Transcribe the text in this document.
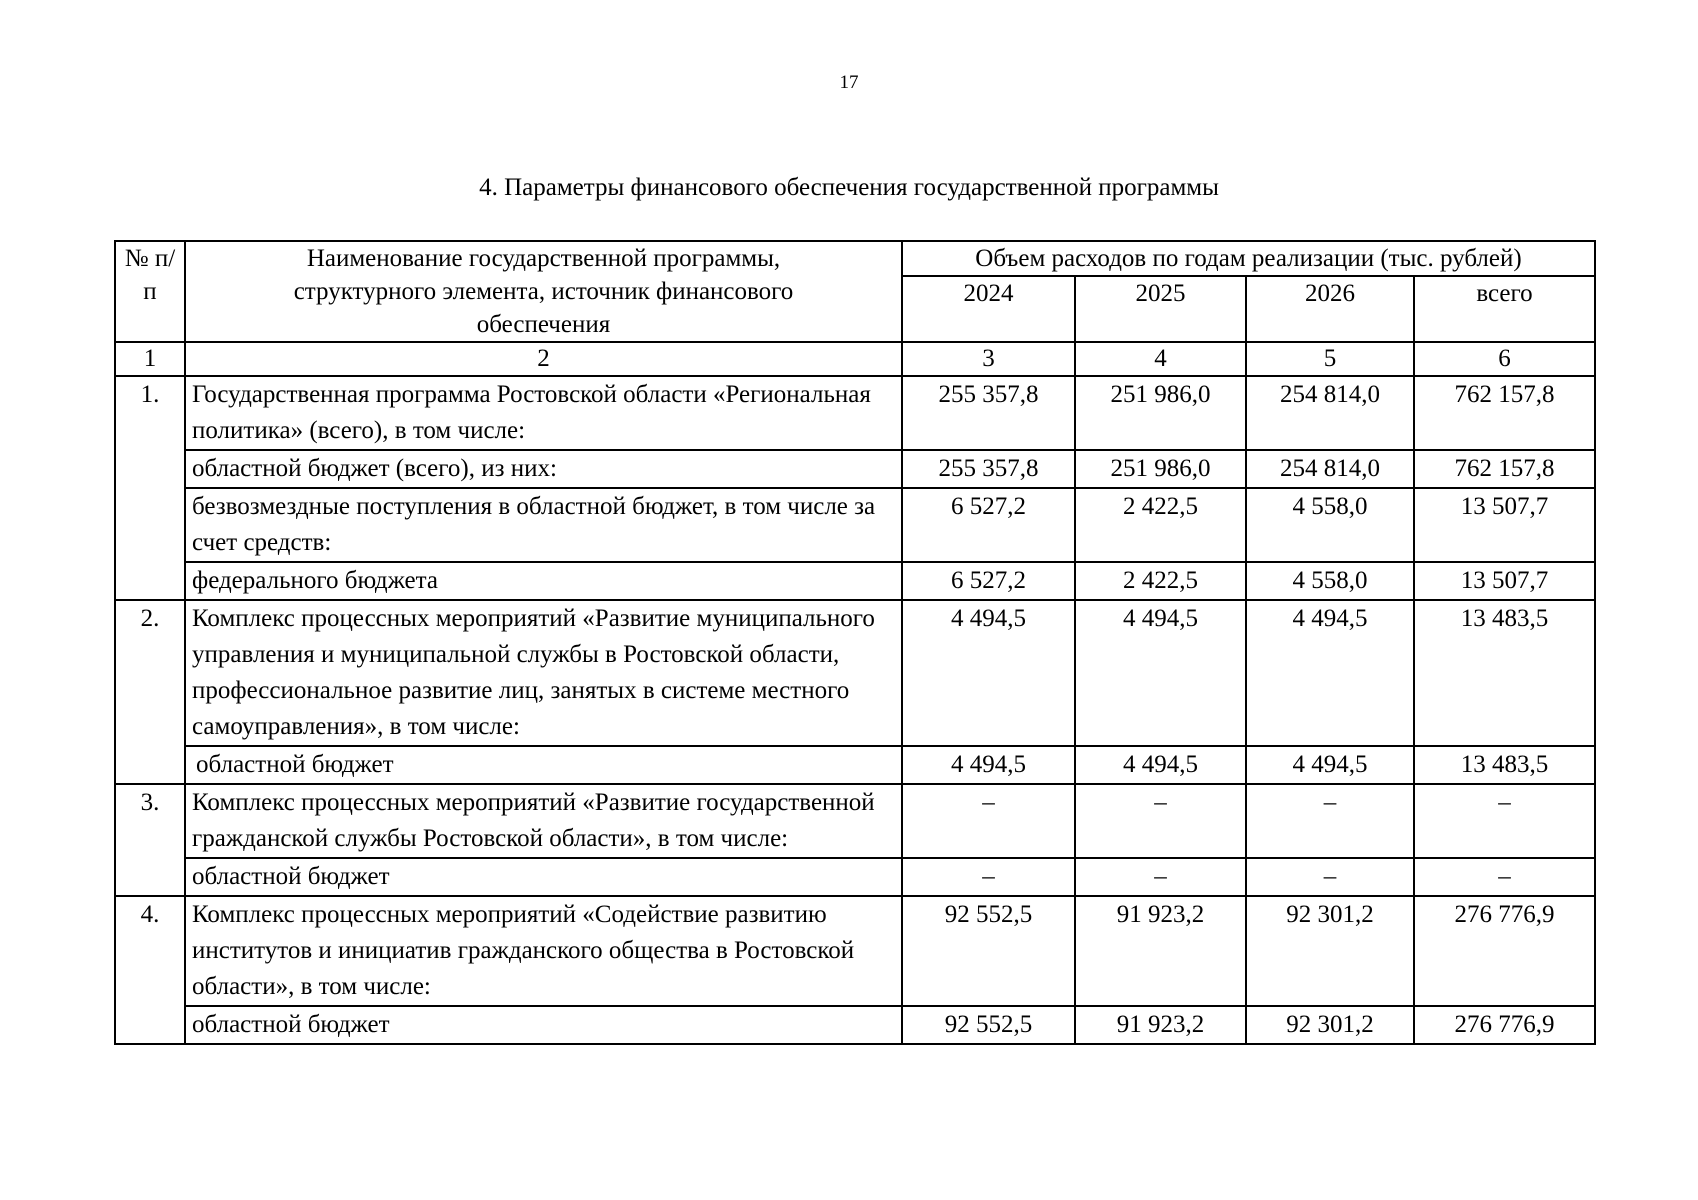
17
4. Параметры финансового обеспечения государственной программы
№ п/п	Наименование государственной программы, структурного элемента, источник финансового обеспечения	Объем расходов по годам реализации (тыс. рублей)			
		2024	2025	2026	всего
1	2	3	4	5	6
1.	Государственная программа Ростовской области «Региональная политика» (всего), в том числе:	255 357,8	251 986,0	254 814,0	762 157,8
	областной бюджет (всего), из них:	255 357,8	251 986,0	254 814,0	762 157,8
	безвозмездные поступления в областной бюджет, в том числе за счет средств:	6 527,2	2 422,5	4 558,0	13 507,7
	федерального бюджета	6 527,2	2 422,5	4 558,0	13 507,7
2.	Комплекс процессных мероприятий «Развитие муниципального управления и муниципальной службы в Ростовской области, профессиональное развитие лиц, занятых в системе местного самоуправления», в том числе:	4 494,5	4 494,5	4 494,5	13 483,5
	областной бюджет	4 494,5	4 494,5	4 494,5	13 483,5
3.	Комплекс процессных мероприятий «Развитие государственной гражданской службы Ростовской области», в том числе:	–	–	–	–
	областной бюджет	–	–	–	–
4.	Комплекс процессных мероприятий «Содействие развитию институтов и инициатив гражданского общества в Ростовской области», в том числе:	92 552,5	91 923,2	92 301,2	276 776,9
	областной бюджет	92 552,5	91 923,2	92 301,2	276 776,9
